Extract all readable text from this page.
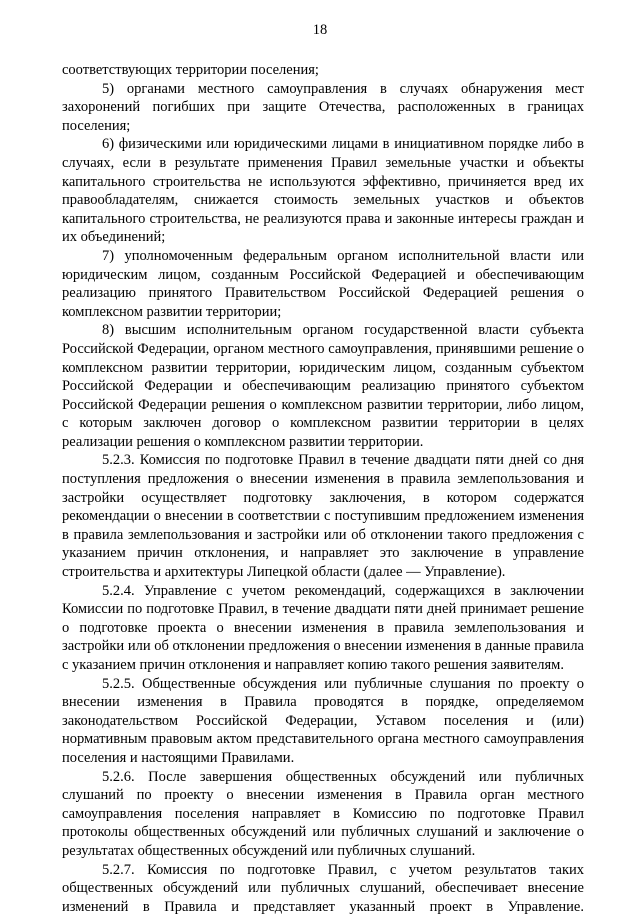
18

соответствующих территории поселения;

5) органами местного самоуправления в случаях обнаружения мест захоронений погибших при защите Отечества, расположенных в границах поселения;

6) физическими или юридическими лицами в инициативном порядке либо в случаях, если в результате применения Правил земельные участки и объекты капитального строительства не используются эффективно, причиняется вред их правообладателям, снижается стоимость земельных участков и объектов капитального строительства, не реализуются права и законные интересы граждан и их объединений;

7) уполномоченным федеральным органом исполнительной власти или юридическим лицом, созданным Российской Федерацией и обеспечивающим реализацию принятого Правительством Российской Федерацией решения о комплексном развитии территории;

8) высшим исполнительным органом государственной власти субъекта Российской Федерации, органом местного самоуправления, принявшими решение о комплексном развитии территории, юридическим лицом, созданным субъектом Российской Федерации и обеспечивающим реализацию принятого субъектом Российской Федерации решения о комплексном развитии территории, либо лицом, с которым заключен договор о комплексном развитии территории в целях реализации решения о комплексном развитии территории.

5.2.3. Комиссия по подготовке Правил в течение двадцати пяти дней со дня поступления предложения о внесении изменения в правила землепользования и застройки осуществляет подготовку заключения, в котором содержатся рекомендации о внесении в соответствии с поступившим предложением изменения в правила землепользования и застройки или об отклонении такого предложения с указанием причин отклонения, и направляет это заключение в управление строительства и архитектуры Липецкой области (далее — Управление).

5.2.4. Управление с учетом рекомендаций, содержащихся в заключении Комиссии по подготовке Правил, в течение двадцати пяти дней принимает решение о подготовке проекта о внесении изменения в правила землепользования и застройки или об отклонении предложения о внесении изменения в данные правила с указанием причин отклонения и направляет копию такого решения заявителям.

5.2.5. Общественные обсуждения или публичные слушания по проекту о внесении изменения в Правила проводятся в порядке, определяемом законодательством Российской Федерации, Уставом поселения и (или) нормативным правовым актом представительного органа местного самоуправления поселения и настоящими Правилами.

5.2.6. После завершения общественных обсуждений или публичных слушаний по проекту о внесении изменения в Правила орган местного самоуправления поселения направляет в Комиссию по подготовке Правил протоколы общественных обсуждений или публичных слушаний и заключение о результатах общественных обсуждений или публичных слушаний.

5.2.7. Комиссия по подготовке Правил, с учетом результатов таких общественных обсуждений или публичных слушаний, обеспечивает внесение изменений в Правила и представляет указанный проект в Управление.
